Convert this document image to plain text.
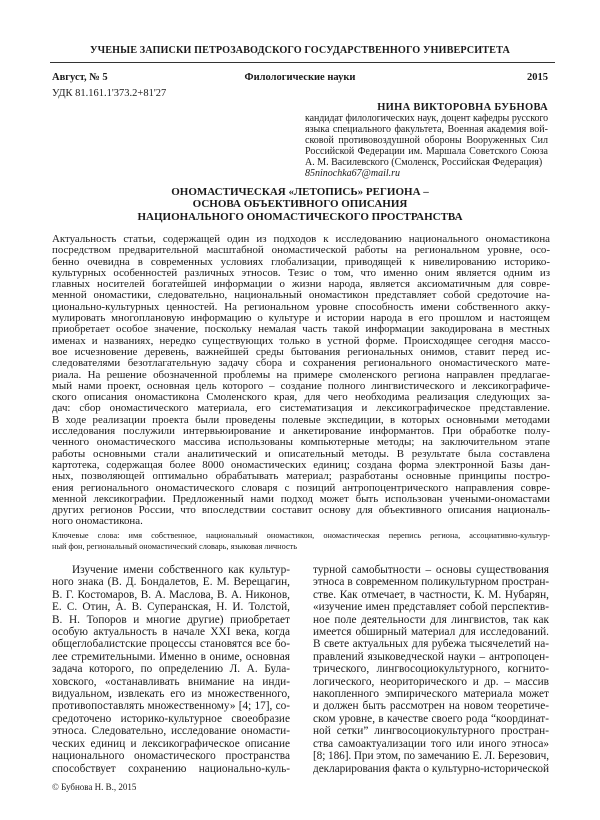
УЧЕНЫЕ ЗАПИСКИ ПЕТРОЗАВОДСКОГО ГОСУДАРСТВЕННОГО УНИВЕРСИТЕТА
Август, № 5	Филологические науки	2015
УДК 81.161.1'373.2+81'27
НИНА ВИКТОРОВНА БУБНОВА
кандидат филологических наук, доцент кафедры русского
языка специального факультета, Военная академия вой-
сковой противовоздушной обороны Вооруженных Сил
Российской Федерации им. Маршала Советского Союза
А. М. Василевского (Смоленск, Российская Федерация)
85ninochka67@mail.ru
ОНОМАСТИЧЕСКАЯ «ЛЕТОПИСЬ» РЕГИОНА –
ОСНОВА ОБЪЕКТИВНОГО ОПИСАНИЯ
НАЦИОНАЛЬНОГО ОНОМАСТИЧЕСКОГО ПРОСТРАНСТВА
Актуальность статьи, содержащей один из подходов к исследованию национального ономастикона
посредством предварительной масштабной ономастической работы на региональном уровне, осо-
бенно очевидна в современных условиях глобализации, приводящей к нивелированию историко-
культурных особенностей различных этносов. Тезис о том, что именно оним является одним из
главных носителей богатейшей информации о жизни народа, является аксиоматичным для совре-
менной ономастики, следовательно, национальный ономастикон представляет собой средоточие на-
ционально-культурных ценностей. На региональном уровне способность имени собственного акку-
мулировать многоплановую информацию о культуре и истории народа в его прошлом и настоящем
приобретает особое значение, поскольку немалая часть такой информации закодирована в местных
именах и названиях, нередко существующих только в устной форме. Происходящее сегодня массо-
вое исчезновение деревень, важнейшей среды бытования региональных онимов, ставит перед ис-
следователями безотлагательную задачу сбора и сохранения регионального ономастического мате-
риала. На решение обозначенной проблемы на примере смоленского региона направлен предлагае-
мый нами проект, основная цель которого – создание полного лингвистического и лексикографиче-
ского описания ономастикона Смоленского края, для чего необходима реализация следующих за-
дач: сбор ономастического материала, его систематизация и лексикографическое представление.
В ходе реализации проекта были проведены полевые экспедиции, в которых основными методами
исследования послужили интервьюирование и анкетирование информантов. При обработке полу-
ченного ономастического массива использованы компьютерные методы; на заключительном этапе
работы основными стали аналитический и описательный методы. В результате была составлена
картотека, содержащая более 8000 ономастических единиц; создана форма электронной Базы дан-
ных, позволяющей оптимально обрабатывать материал; разработаны основные принципы постро-
ения регионального ономастического словаря с позиций антропоцентрического направления совре-
менной лексикографии. Предложенный нами подход может быть использован учеными-ономастами
других регионов России, что впоследствии составит основу для объективного описания националь-
ного ономастикона.
Ключевые слова: имя собственное, национальный ономастикон, ономастическая перепись региона, ассоциативно-культур-
ный фон, региональный ономастический словарь, языковая личность
Изучение имени собственного как культур-
ного знака (В. Д. Бондалетов, Е. М. Верещагин,
В. Г. Костомаров, В. А. Маслова, В. А. Никонов,
Е. С. Отин, А. В. Суперанская, Н. И. Толстой,
В. Н. Топоров и многие другие) приобретает
особую актуальность в начале XXI века, когда
общеглобалистские процессы становятся все бо-
лее стремительными. Именно в ониме, основная
задача которого, по определению Л. А. Була-
ховского, «останавливать внимание на инди-
видуальном, извлекать его из множественного,
противопоставлять множественному» [4; 17], со-
средоточено историко-культурное своеобразие
этноса. Следовательно, исследование ономасти-
ческих единиц и лексикографическое описание
национального ономастического пространства
способствует сохранению национально-куль-
турной самобытности – основы существования
этноса в современном поликультурном простран-
стве. Как отмечает, в частности, К. М. Нубарян,
«изучение имен представляет собой перспектив-
ное поле деятельности для лингвистов, так как
имеется обширный материал для исследований.
В свете актуальных для рубежа тысячелетий на-
правлений языковедческой науки – антропоцен-
трического, лингвосоциокультурного, когнито-
логического, неориторического и др. – массив
накопленного эмпирического материала может
и должен быть рассмотрен на новом теоретиче-
ском уровне, в качестве своего рода “координат-
ной сетки” лингвосоциокультурного простран-
ства самоактуализации того или иного этноса»
[8; 186]. При этом, по замечанию Е. Л. Березович,
декларирования факта о культурно-исторической
© Бубнова Н. В., 2015
